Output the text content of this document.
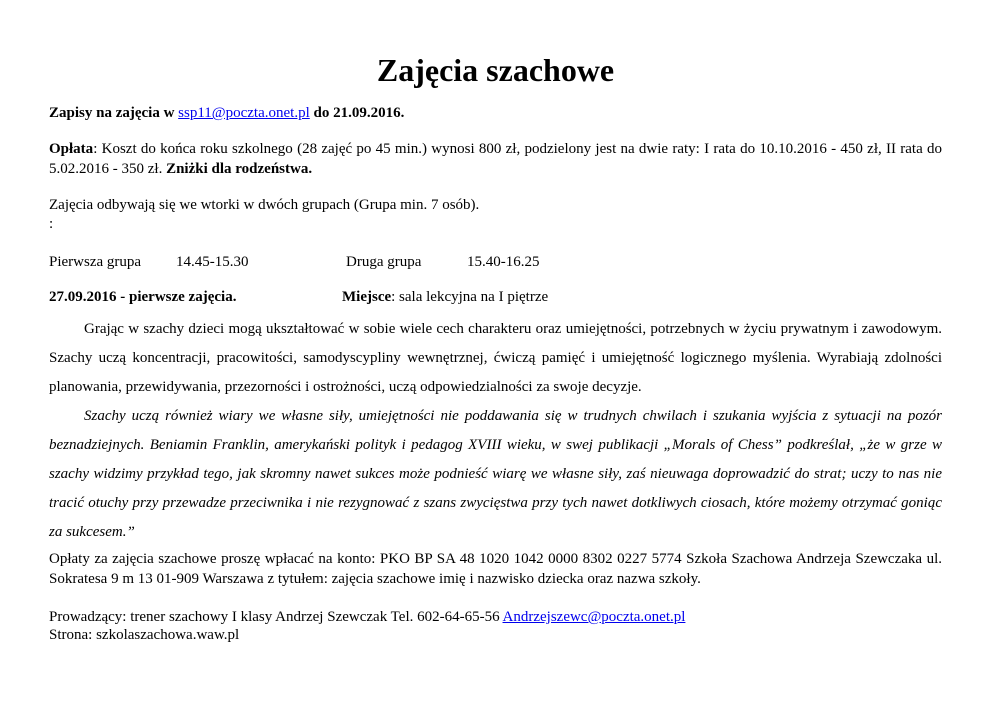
Zajęcia szachowe
Zapisy na zajęcia w ssp11@poczta.onet.pl do 21.09.2016.

Opłata: Koszt do końca roku szkolnego (28 zajęć po 45 min.) wynosi 800 zł, podzielony jest na dwie raty: I rata do 10.10.2016 - 450 zł, II rata do 5.02.2016 - 350 zł. Zniżki dla rodzeństwa.

Zajęcia odbywają się we wtorki w dwóch grupach (Grupa min. 7 osób).
:
Pierwsza grupa 14.45-15.30	Druga grupa	15.40-16.25
27.09.2016 - pierwsze zajęcia.	Miejsce: sala lekcyjna na I piętrze

Grając w szachy dzieci mogą ukształtować w sobie wiele cech charakteru oraz umiejętności, potrzebnych w życiu prywatnym i zawodowym. Szachy uczą koncentracji, pracowitości, samodyscypliny wewnętrznej, ćwiczą pamięć i umiejętność logicznego myślenia. Wyrabiają zdolności planowania, przewidywania, przezorności i ostrożności, uczą odpowiedzialności za swoje decyzje.

Szachy uczą również wiary we własne siły, umiejętności nie poddawania się w trudnych chwilach i szukania wyjścia z sytuacji na pozór beznadziejnych. Beniamin Franklin, amerykański polityk i pedagog XVIII wieku, w swej publikacji „Morals of Chess” podkreślał, „że w grze w szachy widzimy przykład tego, jak skromny nawet sukces może podnieść wiarę we własne siły, zaś nieuwaga doprowadzić do strat; uczy to nas nie tracić otuchy przy przewadze przeciwnika i nie rezygnować z szans zwycięstwa przy tych nawet dotkliwych ciosach, które możemy otrzymać goniąc za sukcesem.”

Opłaty za zajęcia szachowe proszę wpłacać na konto: PKO BP SA 48 1020 1042 0000 8302 0227 5774 Szkoła Szachowa Andrzeja Szewczaka ul. Sokratesa 9 m 13 01-909 Warszawa z tytułem: zajęcia szachowe imię i nazwisko dziecka oraz nazwa szkoły.

Prowadzący: trener szachowy I klasy Andrzej Szewczak Tel. 602-64-65-56 Andrzejszewc@poczta.onet.pl
Strona: szkolaszachowa.waw.pl
